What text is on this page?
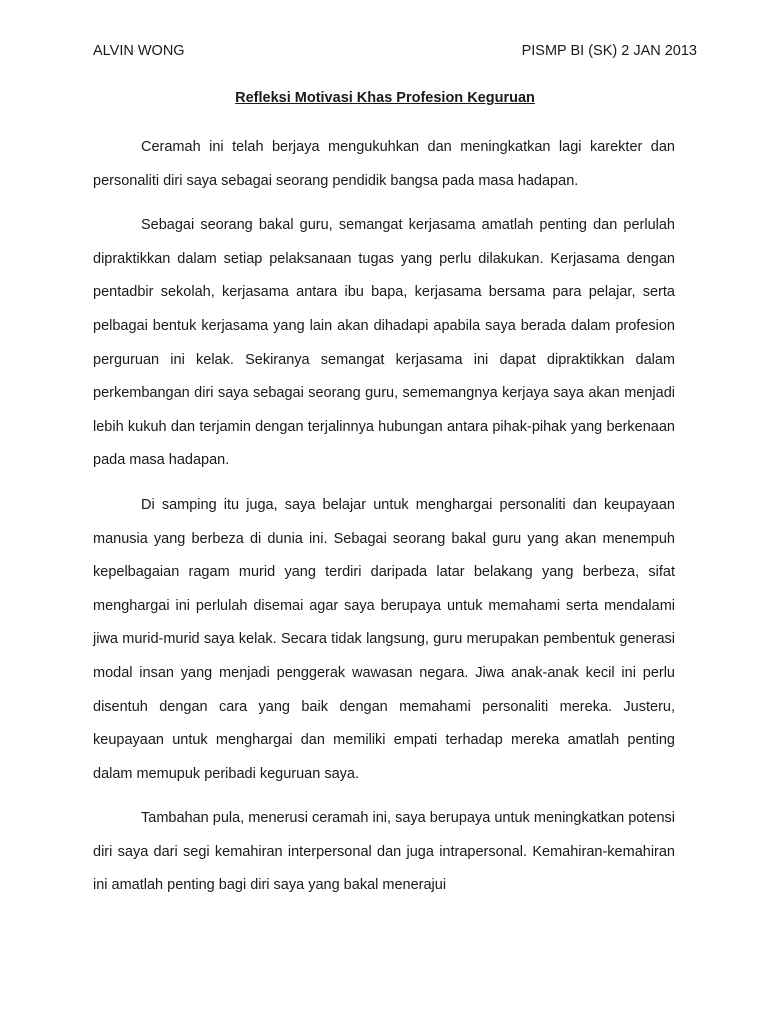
ALVIN WONG	PISMP BI (SK) 2 JAN 2013
Refleksi Motivasi Khas Profesion Keguruan

Ceramah ini telah berjaya mengukuhkan dan meningkatkan lagi karekter dan personaliti diri saya sebagai seorang pendidik bangsa pada masa hadapan.

Sebagai seorang bakal guru, semangat kerjasama amatlah penting dan perlulah dipraktikkan dalam setiap pelaksanaan tugas yang perlu dilakukan. Kerjasama dengan pentadbir sekolah, kerjasama antara ibu bapa, kerjasama bersama para pelajar, serta pelbagai bentuk kerjasama yang lain akan dihadapi apabila saya berada dalam profesion perguruan ini kelak. Sekiranya semangat kerjasama ini dapat dipraktikkan dalam perkembangan diri saya sebagai seorang guru, sememangnya kerjaya saya akan menjadi lebih kukuh dan terjamin dengan terjalinnya hubungan antara pihak-pihak yang berkenaan pada masa hadapan.

Di samping itu juga, saya belajar untuk menghargai personaliti dan keupayaan manusia yang berbeza di dunia ini. Sebagai seorang bakal guru yang akan menempuh kepelbagaian ragam murid yang terdiri daripada latar belakang yang berbeza, sifat menghargai ini perlulah disemai agar saya berupaya untuk memahami serta mendalami jiwa murid-murid saya kelak. Secara tidak langsung, guru merupakan pembentuk generasi modal insan yang menjadi penggerak wawasan negara. Jiwa anak-anak kecil ini perlu disentuh dengan cara yang baik dengan memahami personaliti mereka. Justeru, keupayaan untuk menghargai dan memiliki empati terhadap mereka amatlah penting dalam memupuk peribadi keguruan saya.

Tambahan pula, menerusi ceramah ini, saya berupaya untuk meningkatkan potensi diri saya dari segi kemahiran interpersonal dan juga intrapersonal. Kemahiran-kemahiran ini amatlah penting bagi diri saya yang bakal menerajui
